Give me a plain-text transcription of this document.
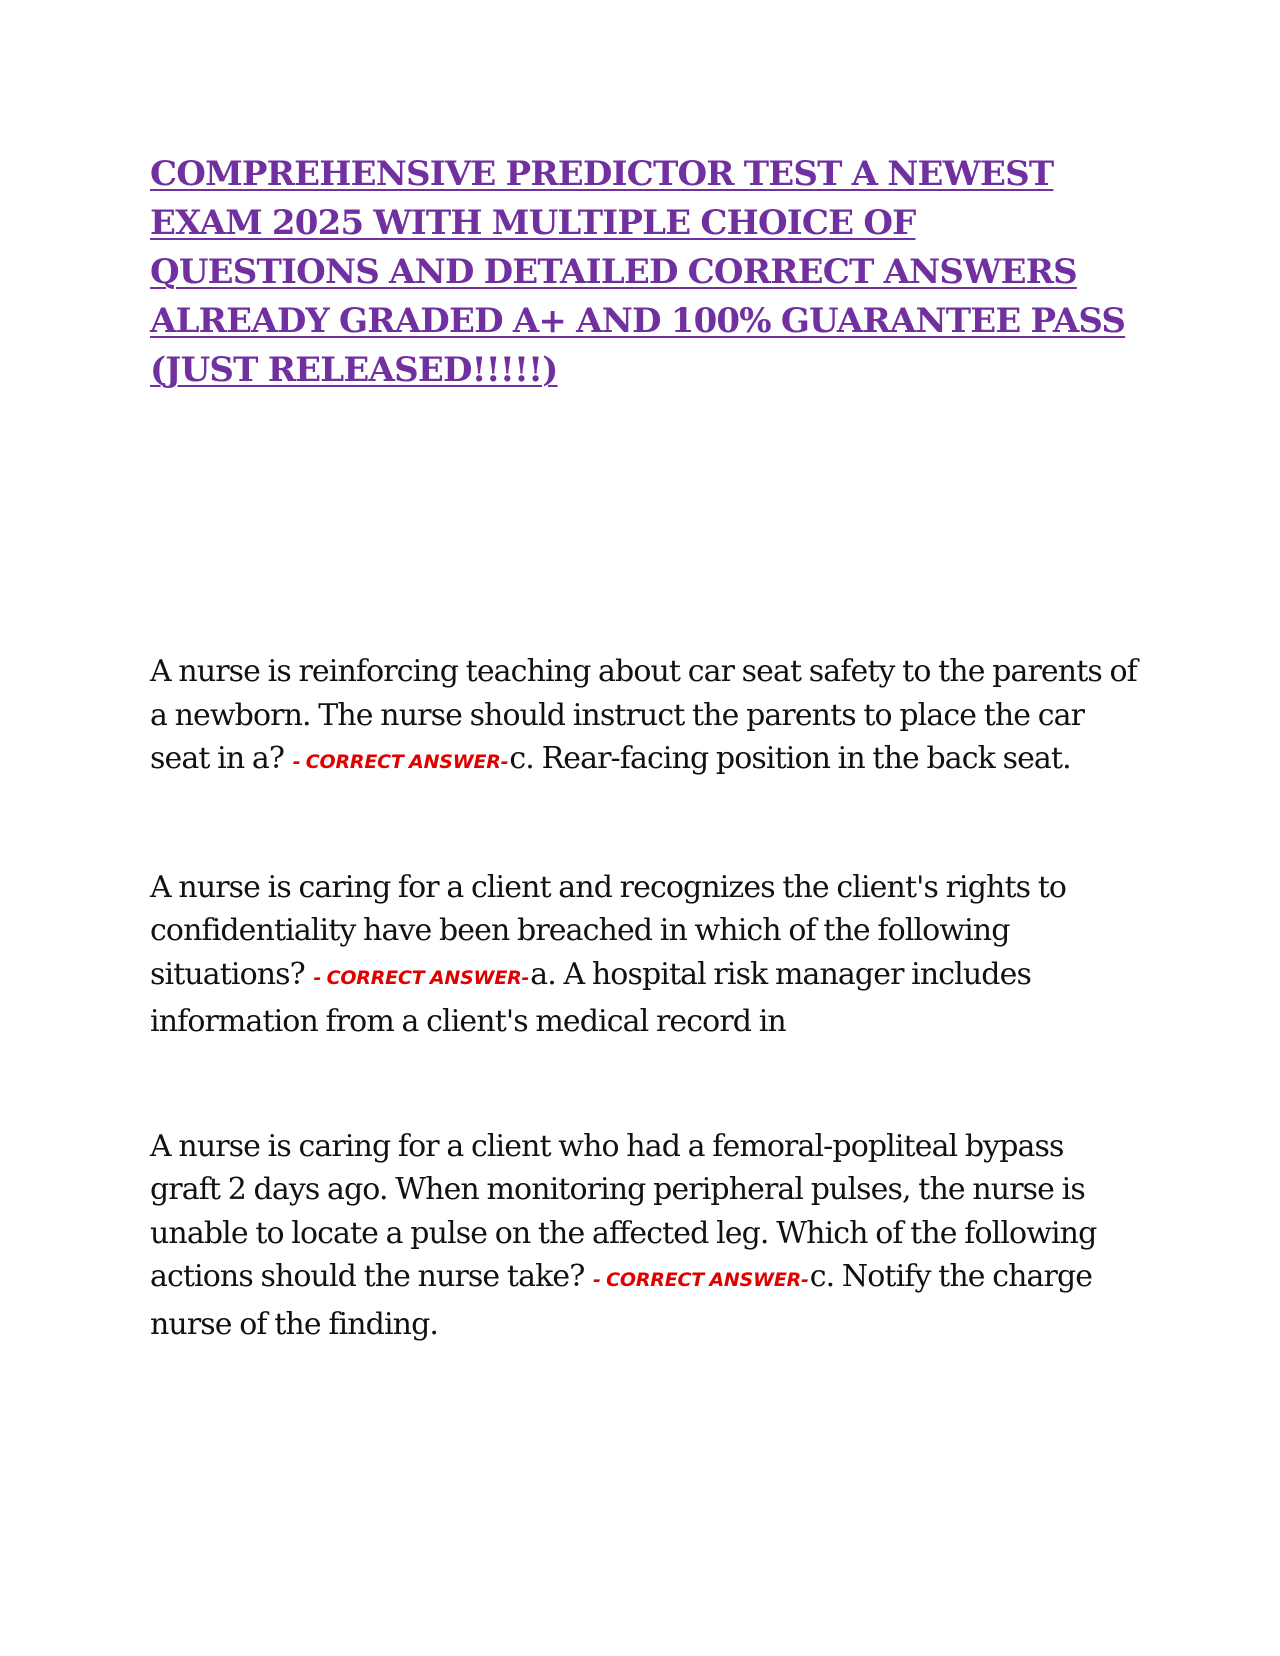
COMPREHENSIVE PREDICTOR TEST A NEWEST EXAM 2025 WITH MULTIPLE CHOICE OF QUESTIONS AND DETAILED CORRECT ANSWERS ALREADY GRADED A+ AND 100% GUARANTEE PASS (JUST RELEASED!!!!!)

A nurse is reinforcing teaching about car seat safety to the parents of a newborn. The nurse should instruct the parents to place the car seat in a? - CORRECT ANSWER-c. Rear-facing position in the back seat.

A nurse is caring for a client and recognizes the client's rights to confidentiality have been breached in which of the following situations? - CORRECT ANSWER-a. A hospital risk manager includes information from a client's medical record in

A nurse is caring for a client who had a femoral-popliteal bypass graft 2 days ago. When monitoring peripheral pulses, the nurse is unable to locate a pulse on the affected leg. Which of the following actions should the nurse take? - CORRECT ANSWER-c. Notify the charge nurse of the finding.
